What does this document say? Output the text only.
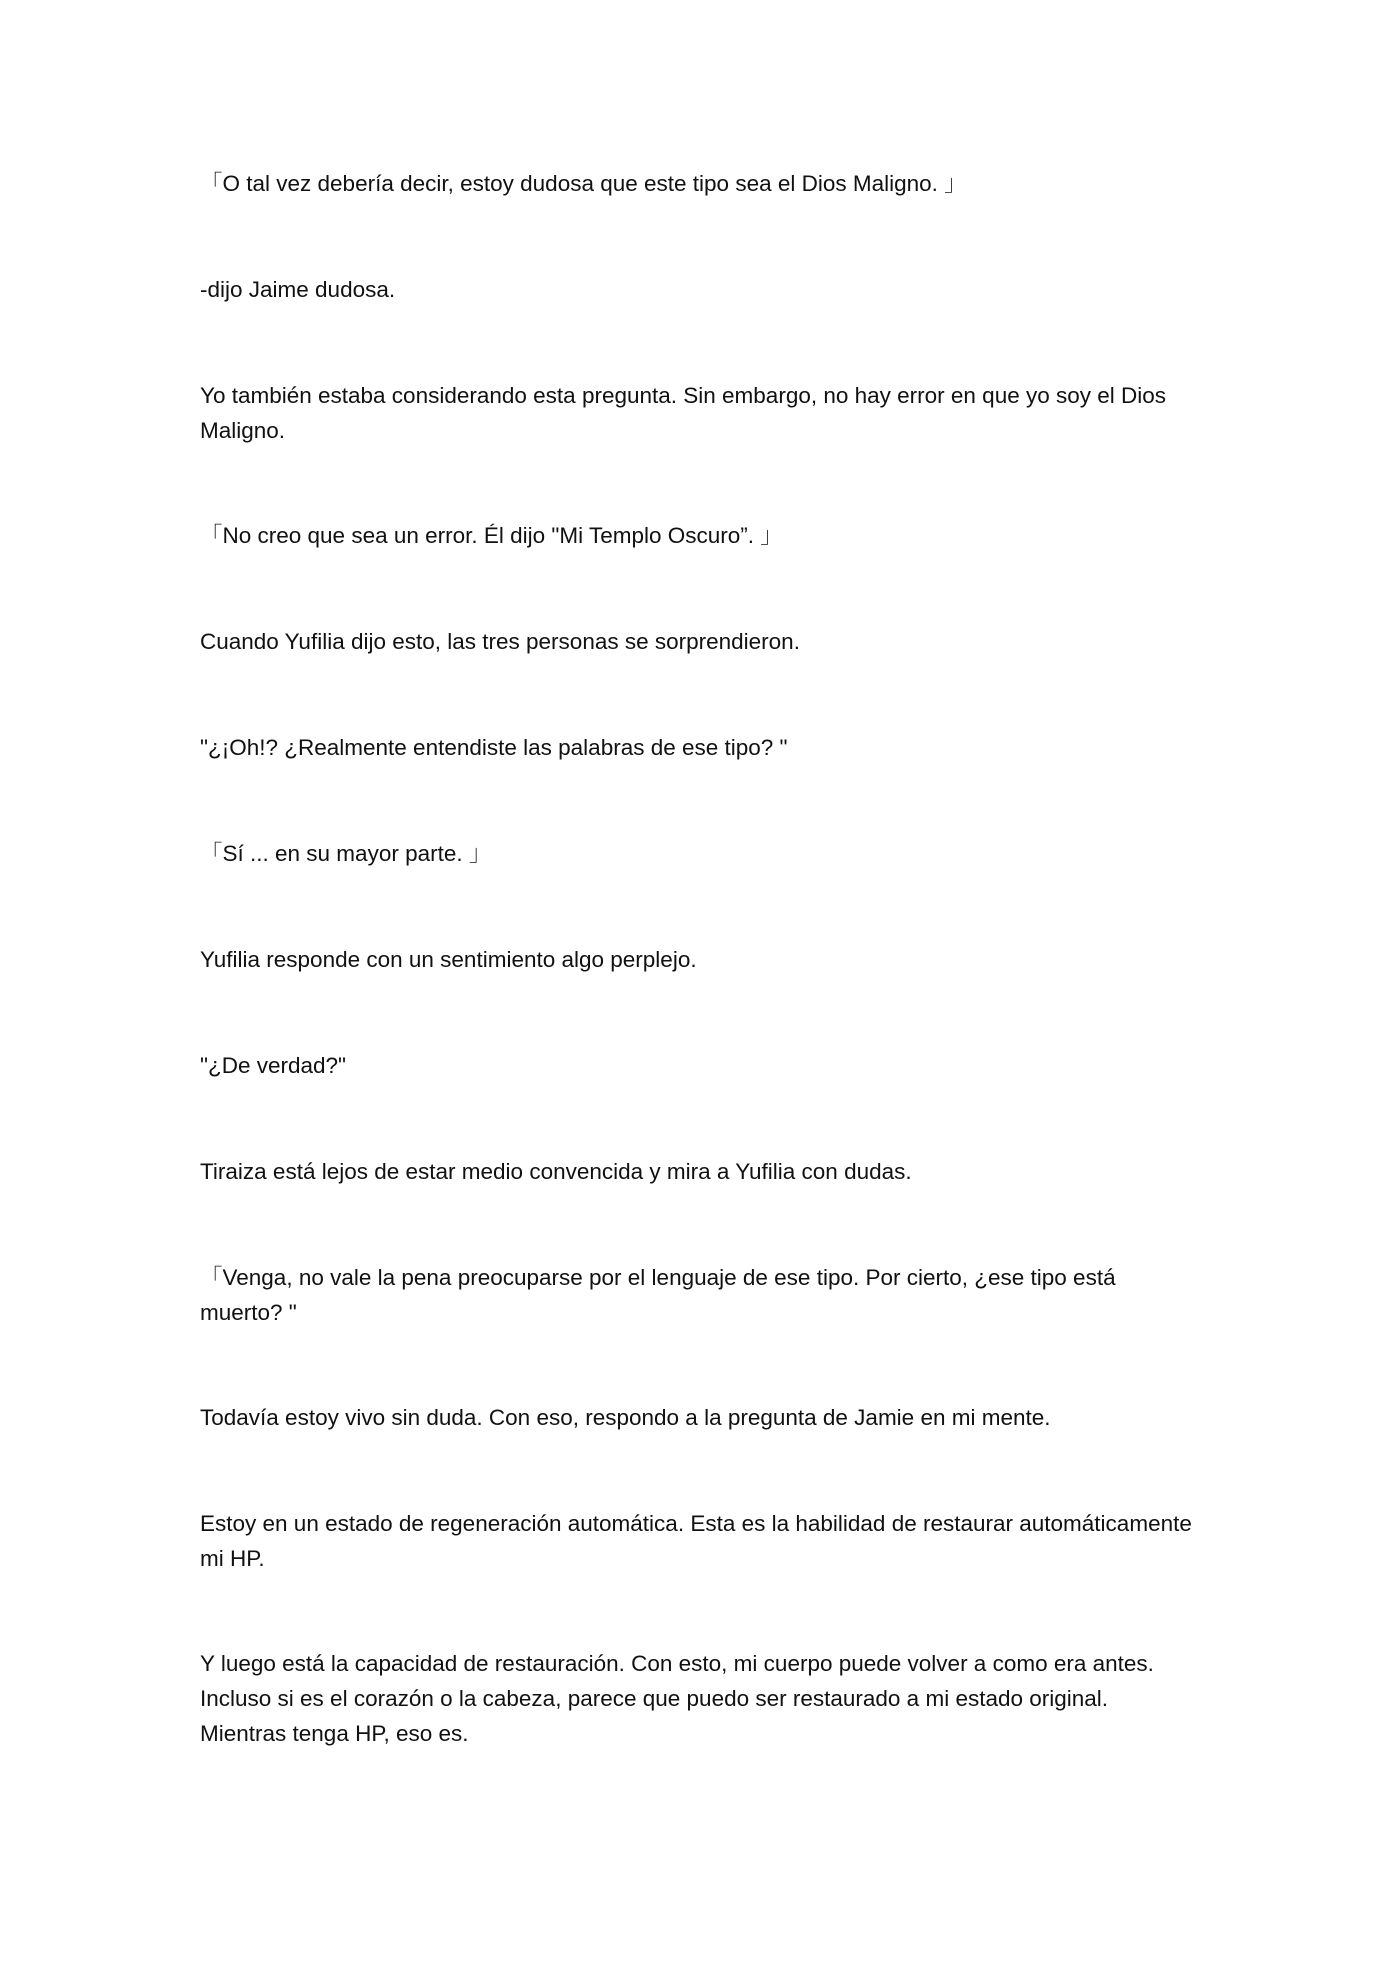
「O tal vez debería decir, estoy dudosa que este tipo sea el Dios Maligno. 」

-dijo Jaime dudosa.

Yo también estaba considerando esta pregunta. Sin embargo, no hay error en que yo soy el Dios Maligno.

「No creo que sea un error. Él dijo "Mi Templo Oscuro”. 」

Cuando Yufilia dijo esto, las tres personas se sorprendieron.

"¿¡Oh!? ¿Realmente entendiste las palabras de ese tipo? "

「Sí ... en su mayor parte. 」

Yufilia responde con un sentimiento algo perplejo.

"¿De verdad?"

Tiraiza está lejos de estar medio convencida y mira a Yufilia con dudas.

「Venga, no vale la pena preocuparse por el lenguaje de ese tipo. Por cierto, ¿ese tipo está muerto? "

Todavía estoy vivo sin duda. Con eso, respondo a la pregunta de Jamie en mi mente.

Estoy en un estado de regeneración automática. Esta es la habilidad de restaurar automáticamente mi HP.

Y luego está la capacidad de restauración. Con esto, mi cuerpo puede volver a como era antes. Incluso si es el corazón o la cabeza, parece que puedo ser restaurado a mi estado original. Mientras tenga HP, eso es.
